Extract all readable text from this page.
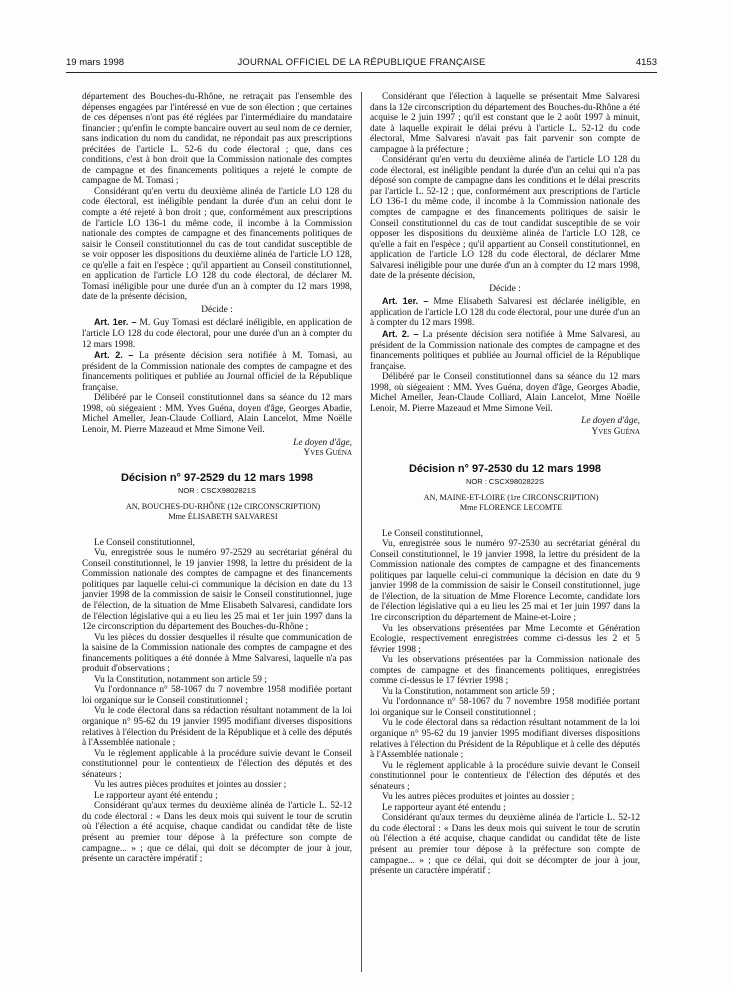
19 mars 1998	JOURNAL OFFICIEL DE LA RÉPUBLIQUE FRANÇAISE	4153

département des Bouches-du-Rhône, ne retraçait pas l'ensemble des dépenses engagées par l'intéressé en vue de son élection ; que certaines de ces dépenses n'ont pas été réglées par l'intermédiaire du mandataire financier ; qu'enfin le compte bancaire ouvert au seul nom de ce dernier, sans indication du nom du candidat, ne répondait pas aux prescriptions précitées de l'article L. 52-6 du code électoral ; que, dans ces conditions, c'est à bon droit que la Commission nationale des comptes de campagne et des financements politiques a rejeté le compte de campagne de M. Tomasi ;

Considérant qu'en vertu du deuxième alinéa de l'article LO 128 du code électoral, est inéligible pendant la durée d'un an celui dont le compte a été rejeté à bon droit ; que, conformément aux prescriptions de l'article LO 136-1 du même code, il incombe à la Commission nationale des comptes de campagne et des financements politiques de saisir le Conseil constitutionnel du cas de tout candidat susceptible de se voir opposer les dispositions du deuxième alinéa de l'article LO 128, ce qu'elle a fait en l'espèce ; qu'il appartient au Conseil constitutionnel, en application de l'article LO 128 du code électoral, de déclarer M. Tomasi inéligible pour une durée d'un an à compter du 12 mars 1998, date de la présente décision,

Décide :

Art. 1er. – M. Guy Tomasi est déclaré inéligible, en application de l'article LO 128 du code électoral, pour une durée d'un an à compter du 12 mars 1998.

Art. 2. – La présente décision sera notifiée à M. Tomasi, au président de la Commission nationale des comptes de campagne et des financements politiques et publiée au Journal officiel de la République française.

Délibéré par le Conseil constitutionnel dans sa séance du 12 mars 1998, où siégeaient : MM. Yves Guéna, doyen d'âge, Georges Abadie, Michel Ameller, Jean-Claude Colliard, Alain Lancelot, Mme Noëlle Lenoir, M. Pierre Mazeaud et Mme Simone Veil.

Le doyen d'âge,

Yves Guéna

Décision n° 97-2529 du 12 mars 1998
NOR : CSCX9802821S

AN, BOUCHES-DU-RHÔNE (12e CIRCONSCRIPTION)

Mme ÉLISABETH SALVARESI

Le Conseil constitutionnel,

Vu, enregistrée sous le numéro 97-2529 au secrétariat général du Conseil constitutionnel, le 19 janvier 1998, la lettre du président de la Commission nationale des comptes de campagne et des financements politiques par laquelle celui-ci communique la décision en date du 13 janvier 1998 de la commission de saisir le Conseil constitutionnel, juge de l'élection, de la situation de Mme Elisabeth Salvaresi, candidate lors de l'élection législative qui a eu lieu les 25 mai et 1er juin 1997 dans la 12e circonscription du département des Bouches-du-Rhône ;

Vu les pièces du dossier desquelles il résulte que communication de la saisine de la Commission nationale des comptes de campagne et des financements politiques a été donnée à Mme Salvaresi, laquelle n'a pas produit d'observations ;

Vu la Constitution, notamment son article 59 ;

Vu l'ordonnance n° 58-1067 du 7 novembre 1958 modifiée portant loi organique sur le Conseil constitutionnel ;

Vu le code électoral dans sa rédaction résultant notamment de la loi organique n° 95-62 du 19 janvier 1995 modifiant diverses dispositions relatives à l'élection du Président de la République et à celle des députés à l'Assemblée nationale ;

Vu le règlement applicable à la procédure suivie devant le Conseil constitutionnel pour le contentieux de l'élection des députés et des sénateurs ;

Vu les autres pièces produites et jointes au dossier ;

Le rapporteur ayant été entendu ;

Considérant qu'aux termes du deuxième alinéa de l'article L. 52-12 du code électoral : « Dans les deux mois qui suivent le tour de scrutin où l'élection a été acquise, chaque candidat ou candidat tête de liste présent au premier tour dépose à la préfecture son compte de campagne... » ; que ce délai, qui doit se décompter de jour à jour, présente un caractère impératif ;

Considérant que l'élection à laquelle se présentait Mme Salvaresi dans la 12e circonscription du département des Bouches-du-Rhône a été acquise le 2 juin 1997 ; qu'il est constant que le 2 août 1997 à minuit, date à laquelle expirait le délai prévu à l'article L. 52-12 du code électoral, Mme Salvaresi n'avait pas fait parvenir son compte de campagne à la préfecture ;

Considérant qu'en vertu du deuxième alinéa de l'article LO 128 du code électoral, est inéligible pendant la durée d'un an celui qui n'a pas déposé son compte de campagne dans les conditions et le délai prescrits par l'article L. 52-12 ; que, conformément aux prescriptions de l'article LO 136-1 du même code, il incombe à la Commission nationale des comptes de campagne et des financements politiques de saisir le Conseil constitutionnel du cas de tout candidat susceptible de se voir opposer les dispositions du deuxième alinéa de l'article LO 128, ce qu'elle a fait en l'espèce ; qu'il appartient au Conseil constitutionnel, en application de l'article LO 128 du code électoral, de déclarer Mme Salvaresi inéligible pour une durée d'un an à compter du 12 mars 1998, date de la présente décision,

Décide :

Art. 1er. – Mme Elisabeth Salvaresi est déclarée inéligible, en application de l'article LO 128 du code électoral, pour une durée d'un an à compter du 12 mars 1998.

Art. 2. – La présente décision sera notifiée à Mme Salvaresi, au président de la Commission nationale des comptes de campagne et des financements politiques et publiée au Journal officiel de la République française.

Délibéré par le Conseil constitutionnel dans sa séance du 12 mars 1998, où siégeaient : MM. Yves Guéna, doyen d'âge, Georges Abadie, Michel Ameller, Jean-Claude Colliard, Alain Lancelot, Mme Noëlle Lenoir, M. Pierre Mazeaud et Mme Simone Veil.

Le doyen d'âge,

Yves Guéna

Décision n° 97-2530 du 12 mars 1998
NOR : CSCX9802822S

AN, MAINE-ET-LOIRE (1re CIRCONSCRIPTION)

Mme FLORENCE LECOMTE

Le Conseil constitutionnel,

Vu, enregistrée sous le numéro 97-2530 au secrétariat général du Conseil constitutionnel, le 19 janvier 1998, la lettre du président de la Commission nationale des comptes de campagne et des financements politiques par laquelle celui-ci communique la décision en date du 9 janvier 1998 de la commission de saisir le Conseil constitutionnel, juge de l'élection, de la situation de Mme Florence Lecomte, candidate lors de l'élection législative qui a eu lieu les 25 mai et 1er juin 1997 dans la 1re circonscription du département de Maine-et-Loire ;

Vu les observations présentées par Mme Lecomte et Génération Ecologie, respectivement enregistrées comme ci-dessus les 2 et 5 février 1998 ;

Vu les observations présentées par la Commission nationale des comptes de campagne et des financements politiques, enregistrées comme ci-dessus le 17 février 1998 ;

Vu la Constitution, notamment son article 59 ;

Vu l'ordonnance n° 58-1067 du 7 novembre 1958 modifiée portant loi organique sur le Conseil constitutionnel ;

Vu le code électoral dans sa rédaction résultant notamment de la loi organique n° 95-62 du 19 janvier 1995 modifiant diverses dispositions relatives à l'élection du Président de la République et à celle des députés à l'Assemblée nationale ;

Vu le règlement applicable à la procédure suivie devant le Conseil constitutionnel pour le contentieux de l'élection des députés et des sénateurs ;

Vu les autres pièces produites et jointes au dossier ;

Le rapporteur ayant été entendu ;

Considérant qu'aux termes du deuxième alinéa de l'article L. 52-12 du code électoral : « Dans les deux mois qui suivent le tour de scrutin où l'élection a été acquise, chaque candidat ou candidat tête de liste présent au premier tour dépose à la préfecture son compte de campagne... » ; que ce délai, qui doit se décompter de jour à jour, présente un caractère impératif ;
